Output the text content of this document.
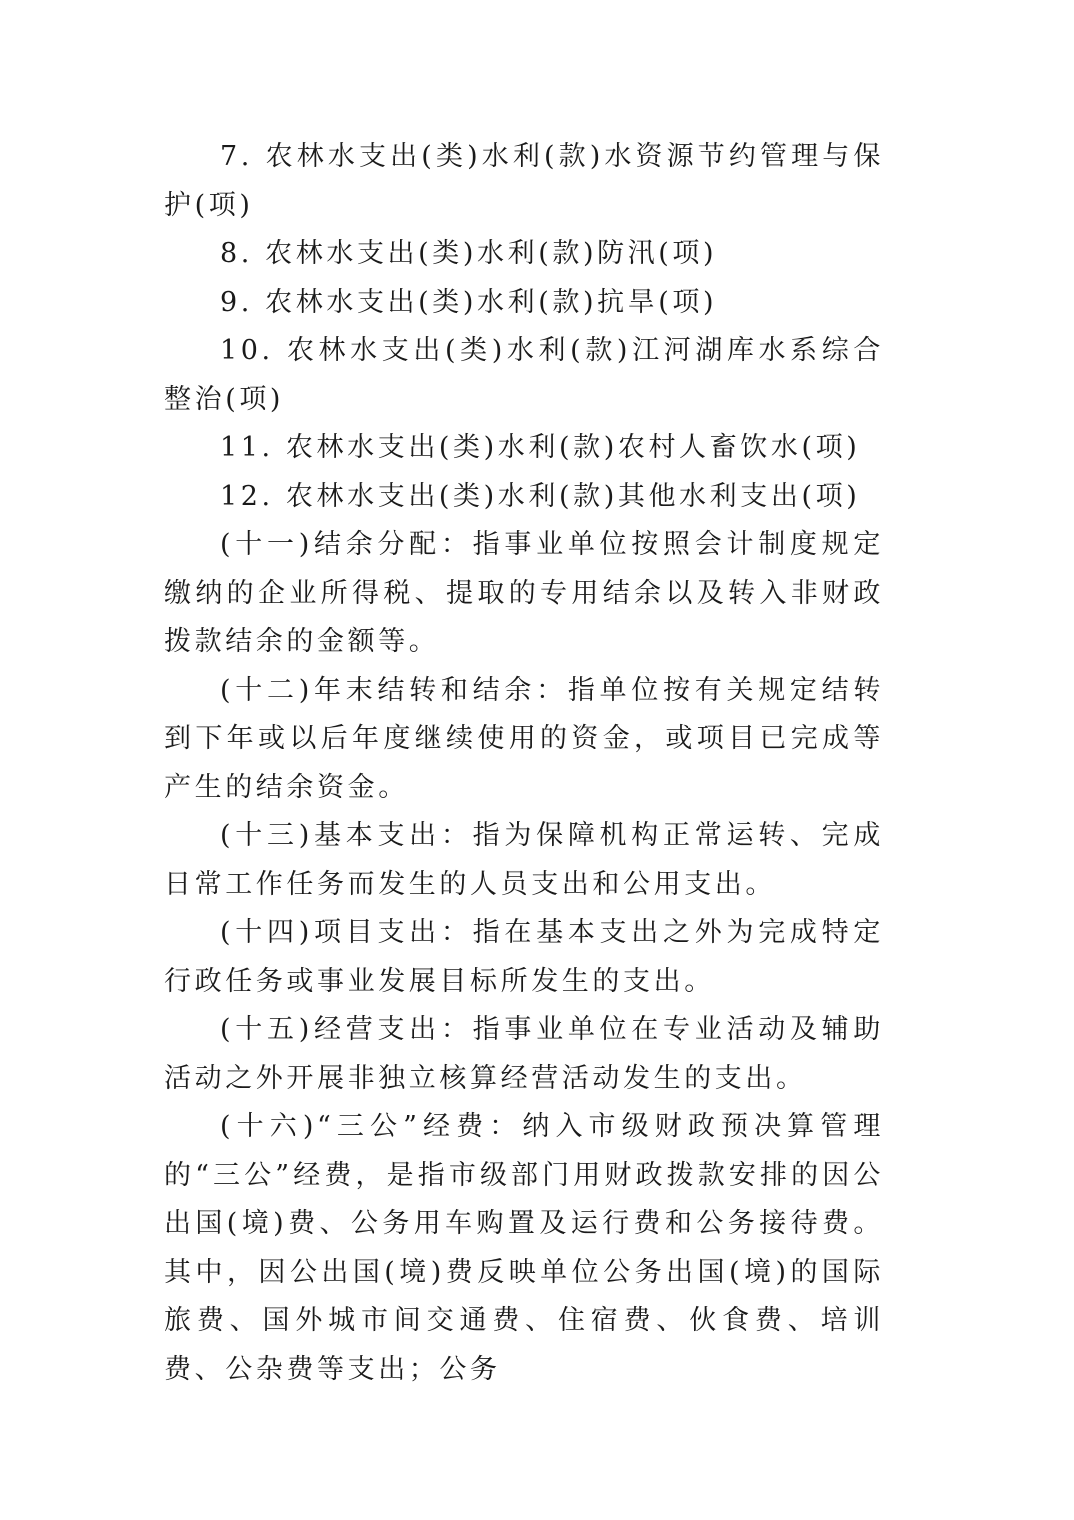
7. 农林水支出(类)水利(款)水资源节约管理与保护(项)

8. 农林水支出(类)水利(款)防汛(项)

9. 农林水支出(类)水利(款)抗旱(项)

10. 农林水支出(类)水利(款)江河湖库水系综合整治(项)

11. 农林水支出(类)水利(款)农村人畜饮水(项)

12. 农林水支出(类)水利(款)其他水利支出(项)

(十一)结余分配：指事业单位按照会计制度规定缴纳的企业所得税、提取的专用结余以及转入非财政拨款结余的金额等。

(十二)年末结转和结余：指单位按有关规定结转到下年或以后年度继续使用的资金，或项目已完成等产生的结余资金。

(十三)基本支出：指为保障机构正常运转、完成日常工作任务而发生的人员支出和公用支出。

(十四)项目支出：指在基本支出之外为完成特定行政任务或事业发展目标所发生的支出。

(十五)经营支出：指事业单位在专业活动及辅助活动之外开展非独立核算经营活动发生的支出。

(十六)“三公”经费：纳入市级财政预决算管理的“三公”经费，是指市级部门用财政拨款安排的因公出国(境)费、公务用车购置及运行费和公务接待费。其中，因公出国(境)费反映单位公务出国(境)的国际旅费、国外城市间交通费、住宿费、伙食费、培训费、公杂费等支出；公务
